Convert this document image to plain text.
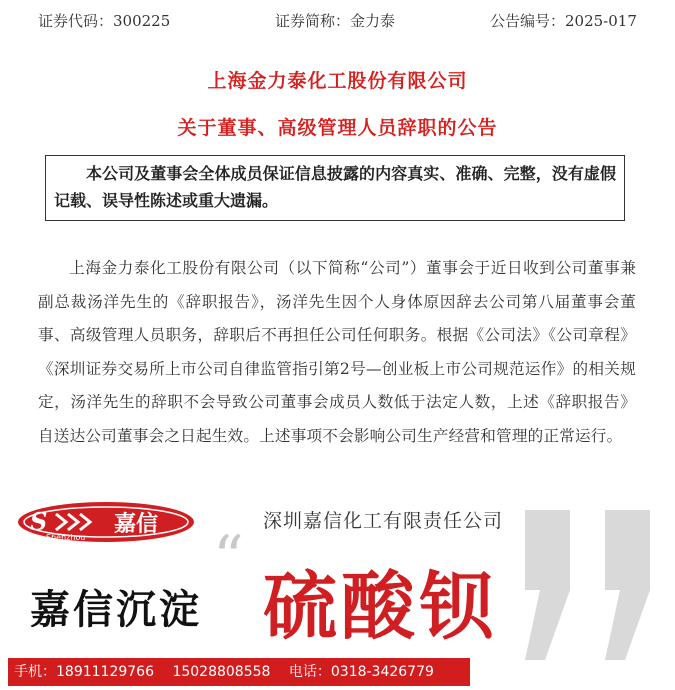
证券代码：300225	证券简称：金力泰	公告编号：2025-017
上海金力泰化工股份有限公司
关于董事、高级管理人员辞职的公告
本公司及董事会全体成员保证信息披露的内容真实、准确、完整，没有虚假记载、误导性陈述或重大遗漏。
上海金力泰化工股份有限公司（以下简称“公司”）董事会于近日收到公司董事兼副总裁汤洋先生的《辞职报告》，汤洋先生因个人身体原因辞去公司第八届董事会董事、高级管理人员职务，辞职后不再担任公司任何职务。根据《公司法》《公司章程》《深圳证券交易所上市公司自律监管指引第2号—创业板上市公司规范运作》的相关规定，汤洋先生的辞职不会导致公司董事会成员人数低于法定人数，上述《辞职报告》自送达公司董事会之日起生效。上述事项不会影响公司生产经营和管理的正常运行。
S
Shenzhou
嘉信	深圳嘉信化工有限责任公司
“
嘉信沉淀 硫酸钡
手机：18911129766 15028808558 电话：0318-3426779
